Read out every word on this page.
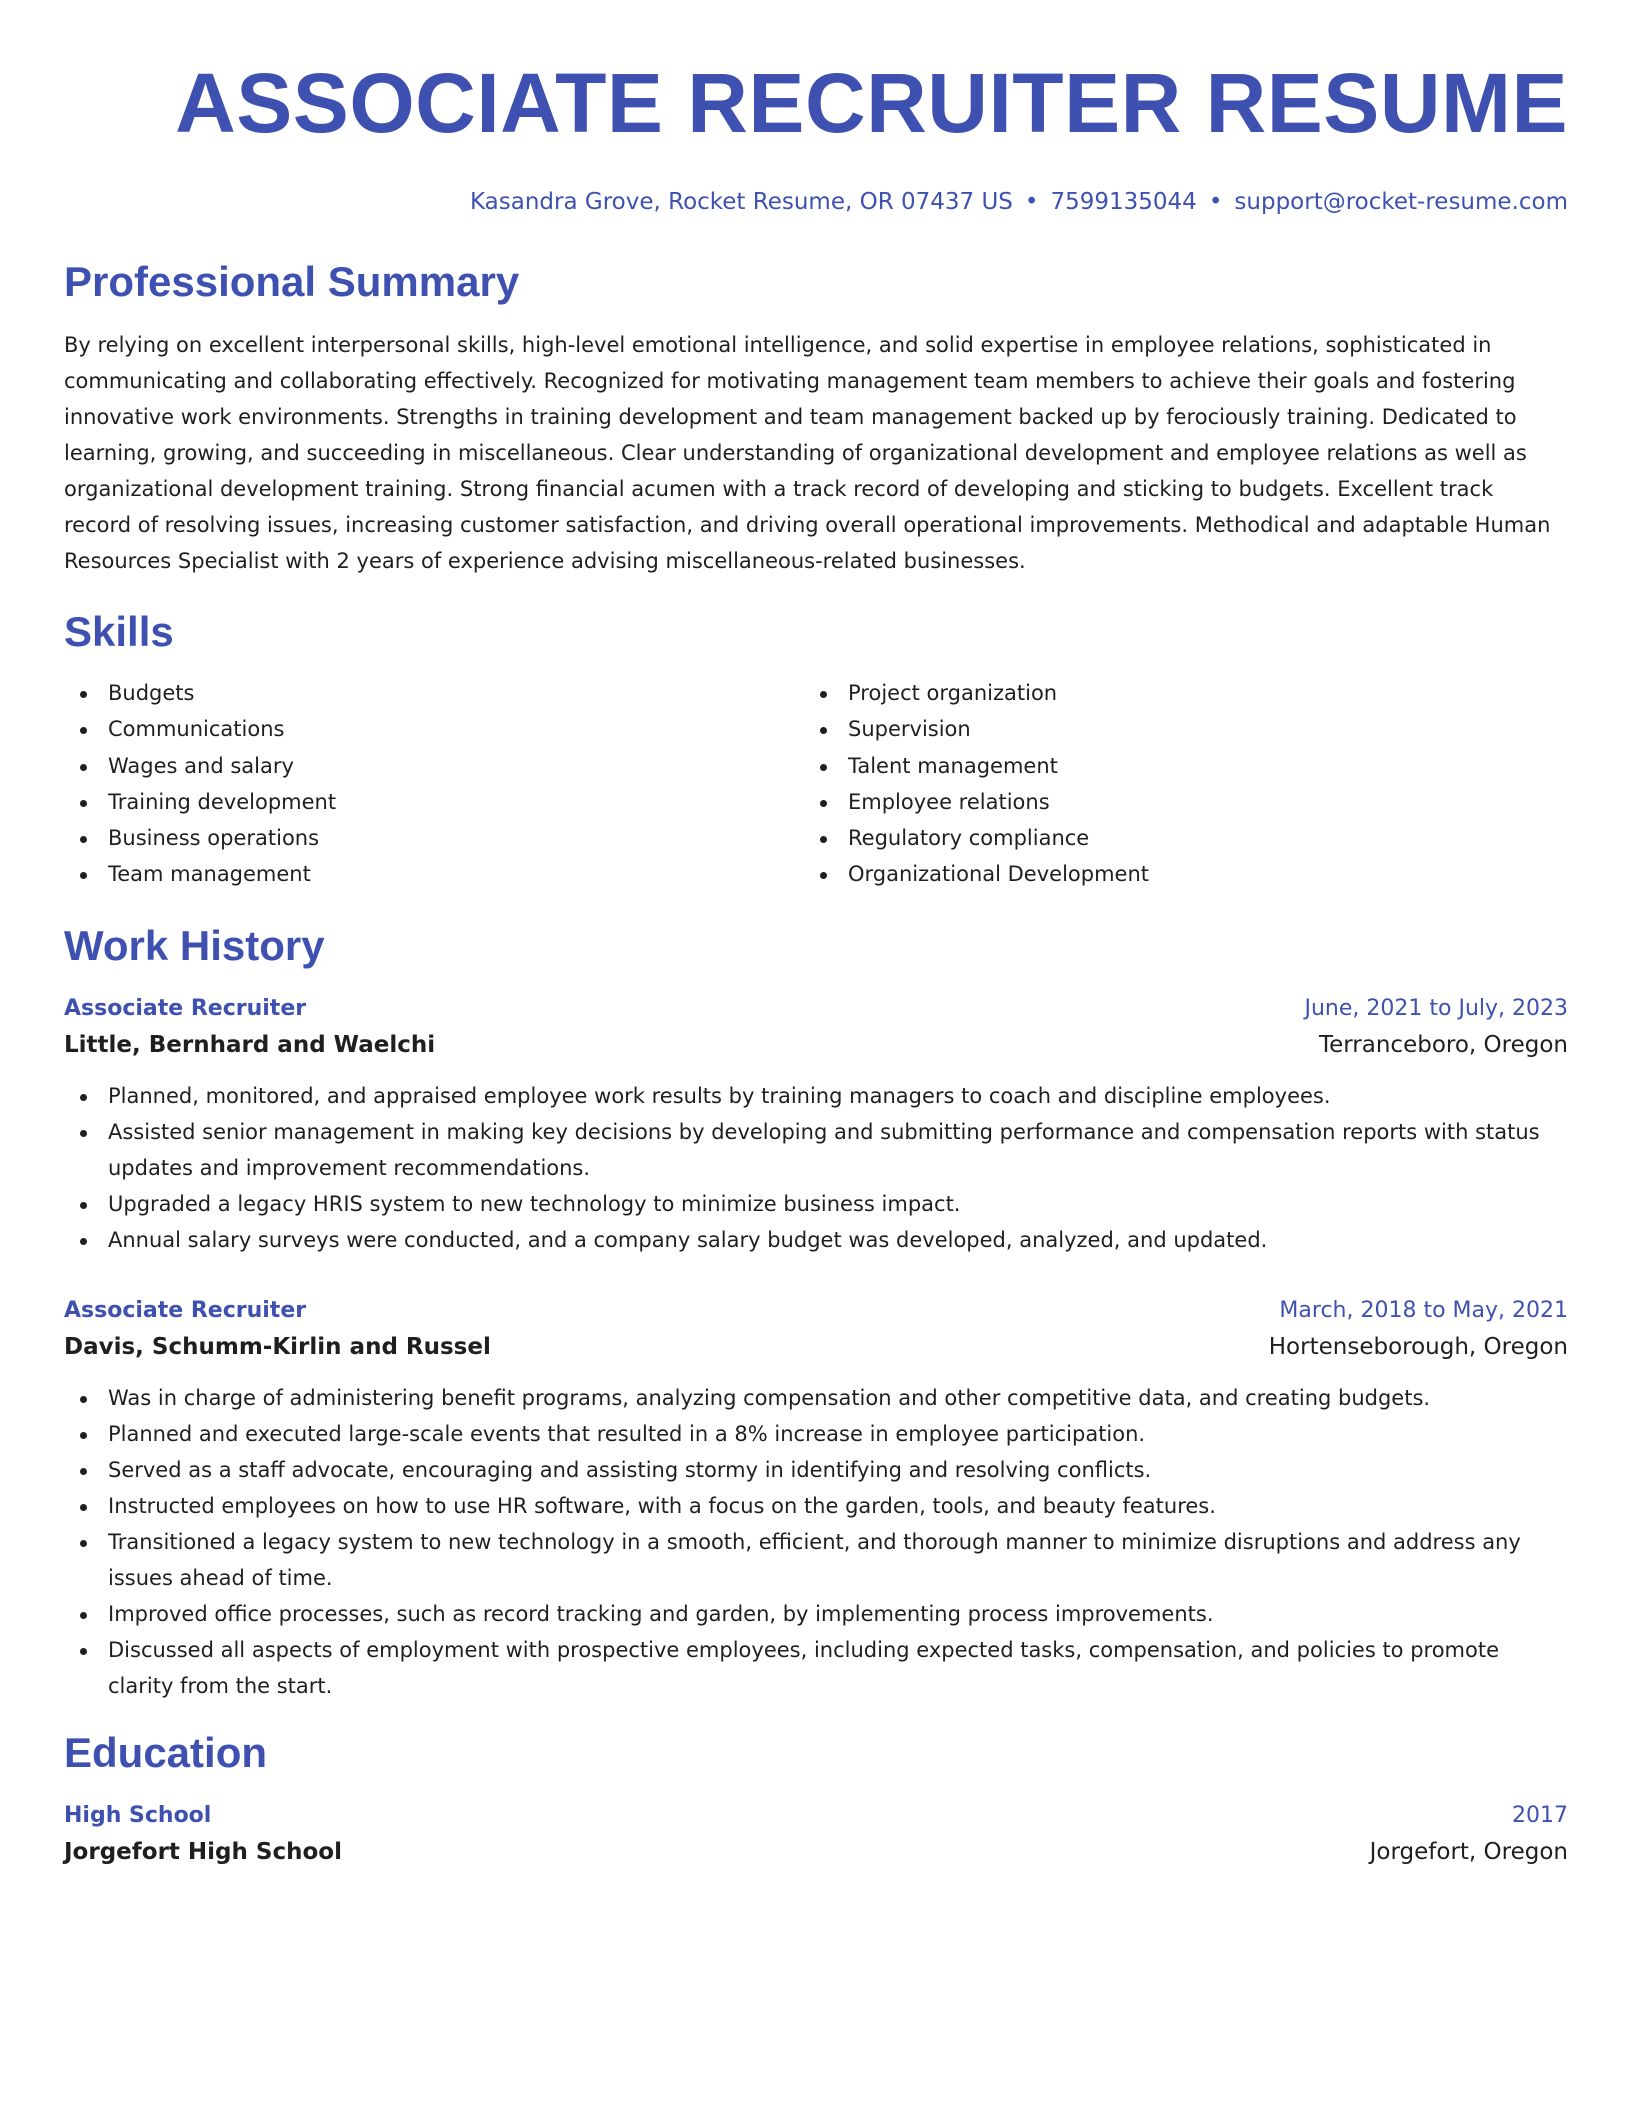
ASSOCIATE RECRUITER RESUME
Kasandra Grove, Rocket Resume, OR 07437 US • 7599135044 • support@rocket-resume.com
Professional Summary

By relying on excellent interpersonal skills, high-level emotional intelligence, and solid expertise in employee relations, sophisticated in communicating and collaborating effectively. Recognized for motivating management team members to achieve their goals and fostering innovative work environments. Strengths in training development and team management backed up by ferociously training. Dedicated to learning, growing, and succeeding in miscellaneous. Clear understanding of organizational development and employee relations as well as organizational development training. Strong financial acumen with a track record of developing and sticking to budgets. Excellent track record of resolving issues, increasing customer satisfaction, and driving overall operational improvements. Methodical and adaptable Human Resources Specialist with 2 years of experience advising miscellaneous-related businesses.

Skills
Budgets
Communications
Wages and salary
Training development
Business operations
Team management
Project organization
Supervision
Talent management
Employee relations
Regulatory compliance
Organizational Development
Work History
Associate Recruiter	June, 2021 to July, 2023
Little, Bernhard and Waelchi	Terranceboro, Oregon
Planned, monitored, and appraised employee work results by training managers to coach and discipline employees.
Assisted senior management in making key decisions by developing and submitting performance and compensation reports with status updates and improvement recommendations.
Upgraded a legacy HRIS system to new technology to minimize business impact.
Annual salary surveys were conducted, and a company salary budget was developed, analyzed, and updated.
Associate Recruiter	March, 2018 to May, 2021
Davis, Schumm-Kirlin and Russel	Hortenseborough, Oregon
Was in charge of administering benefit programs, analyzing compensation and other competitive data, and creating budgets.
Planned and executed large-scale events that resulted in a 8% increase in employee participation.
Served as a staff advocate, encouraging and assisting stormy in identifying and resolving conflicts.
Instructed employees on how to use HR software, with a focus on the garden, tools, and beauty features.
Transitioned a legacy system to new technology in a smooth, efficient, and thorough manner to minimize disruptions and address any issues ahead of time.
Improved office processes, such as record tracking and garden, by implementing process improvements.
Discussed all aspects of employment with prospective employees, including expected tasks, compensation, and policies to promote clarity from the start.
Education
High School	2017
Jorgefort High School	Jorgefort, Oregon
